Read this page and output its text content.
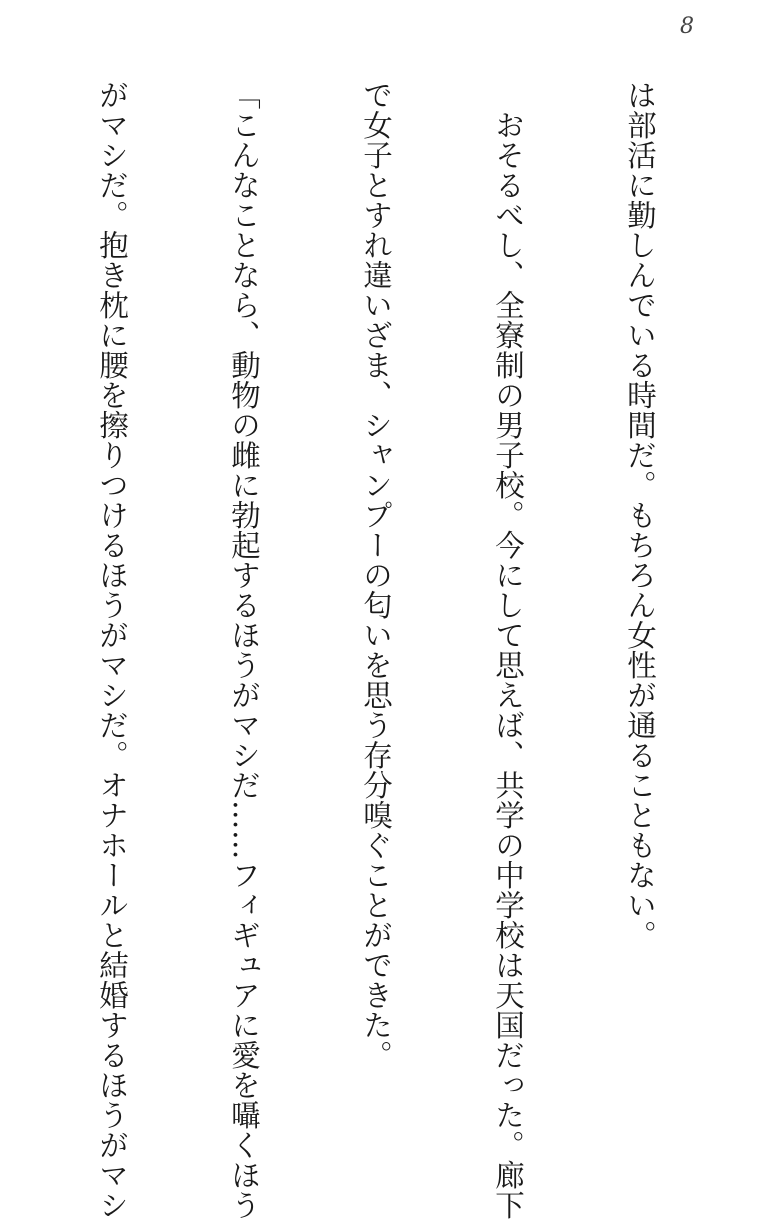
8

は部活に勤しんでいる時間だ。もちろん女性が通ることもない。

　おそるべし、全寮制の男子校。今にして思えば、共学の中学校は天国だった。廊下

で女子とすれ違いざま、シャンプーの匂いを思う存分嗅ぐことができた。

「こんなことなら、動物の雌に勃起するほうがマシだ……フィギュアに愛を囁くほう

がマシだ。抱き枕に腰を擦りつけるほうがマシだ。オナホールと結婚するほうがマシ
